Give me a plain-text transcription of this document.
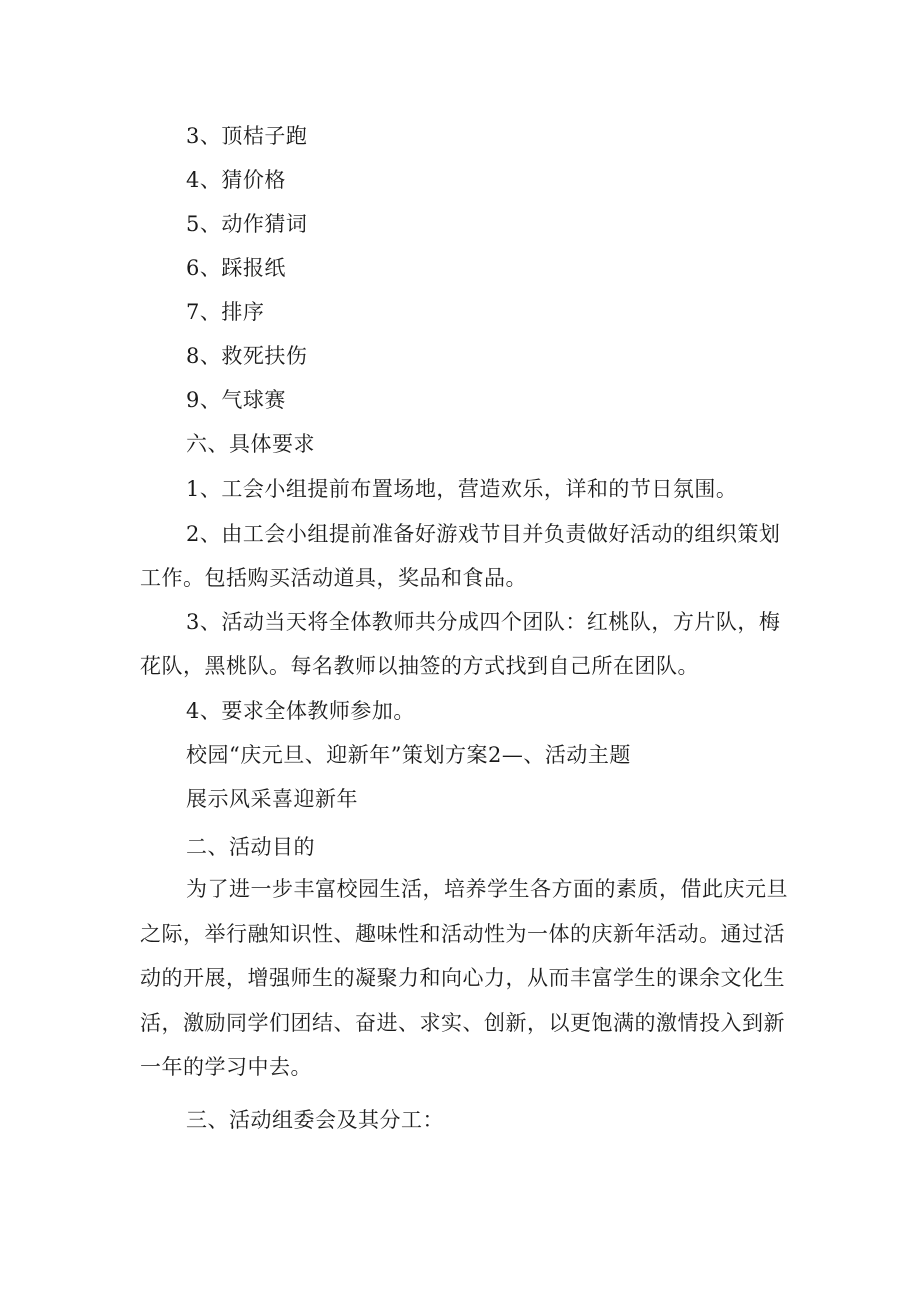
3、顶桔子跑
4、猜价格
5、动作猜词
6、踩报纸
7、排序
8、救死扶伤
9、气球赛
六、具体要求
1、工会小组提前布置场地，营造欢乐，详和的节日氛围。
2、由工会小组提前准备好游戏节目并负责做好活动的组织策划
工作。包括购买活动道具，奖品和食品。
3、活动当天将全体教师共分成四个团队：红桃队，方片队，梅
花队，黑桃队。每名教师以抽签的方式找到自己所在团队。
4、要求全体教师参加。
校园“庆元旦、迎新年”策划方案2—、活动主题
展示风采喜迎新年
二、活动目的
为了进一步丰富校园生活，培养学生各方面的素质，借此庆元旦
之际，举行融知识性、趣味性和活动性为一体的庆新年活动。通过活
动的开展，增强师生的凝聚力和向心力，从而丰富学生的课余文化生
活，激励同学们团结、奋进、求实、创新，以更饱满的激情投入到新
一年的学习中去。
三、活动组委会及其分工：
